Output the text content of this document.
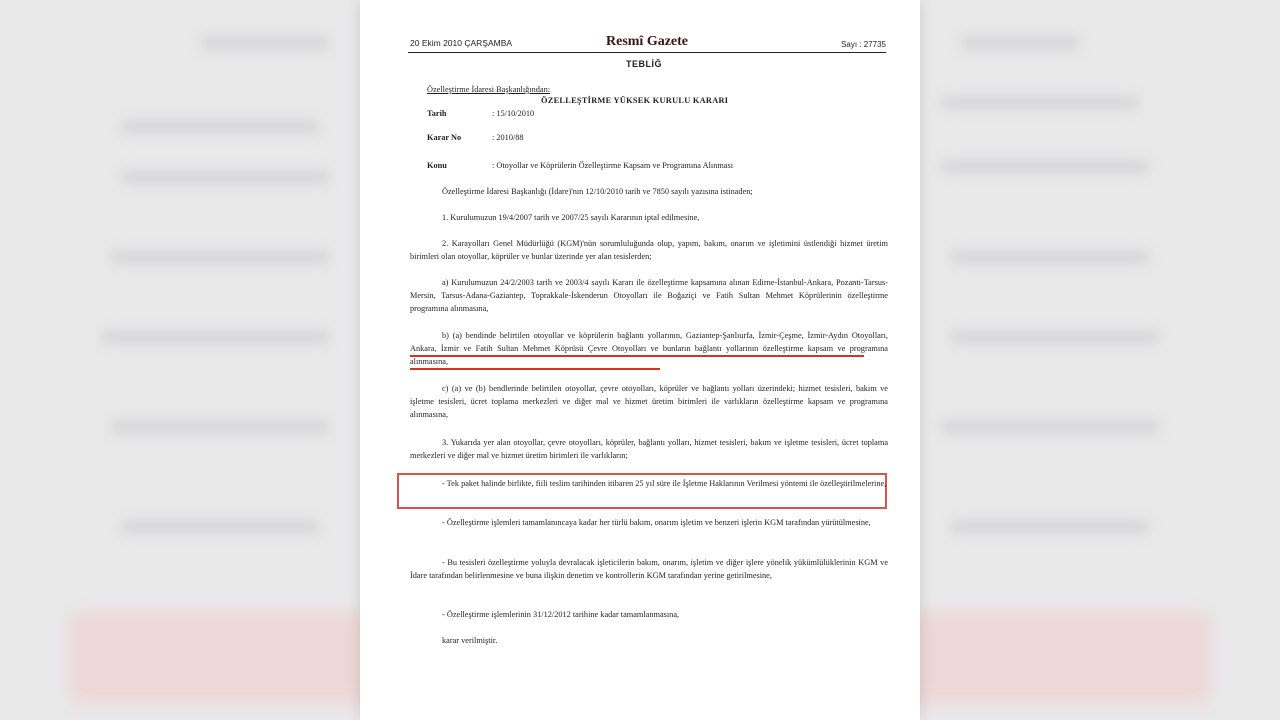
20 Ekim 2010 ÇARŞAMBA	Resmî Gazete	Sayı : 27735
TEBLİĞ
Özelleştirme İdaresi Başkanlığından:
ÖZELLEŞTİRME YÜKSEK KURULU KARARI
Tarih	: 15/10/2010
Karar No	: 2010/88
Konu	: Otoyollar ve Köprülerin Özelleştirme Kapsam ve Programına Alınması
Özelleştirme İdaresi Başkanlığı (İdare)'nın 12/10/2010 tarih ve 7850 sayılı yazısına istinaden;
1. Kurulumuzun 19/4/2007 tarih ve 2007/25 sayılı Kararının iptal edilmesine,
2. Karayolları Genel Müdürlüğü (KGM)'nün sorumluluğunda olup, yapım, bakım, onarım ve işletimini üstlendiği hizmet üretim birimleri olan otoyollar, köprüler ve bunlar üzerinde yer alan tesislerden;
a) Kurulumuzun 24/2/2003 tarih ve 2003/4 sayılı Kararı ile özelleştirme kapsamına alınan Edirne-İstanbul-Ankara, Pozantı-Tarsus-Mersin, Tarsus-Adana-Gaziantep, Toprakkale-İskenderun Otoyolları ile Boğaziçi ve Fatih Sultan Mehmet Köprülerinin özelleştirme programına alınmasına,
b) (a) bendinde belirtilen otoyollar ve köprülerin bağlantı yollarının, Gaziantep-Şanlıurfa, İzmir-Çeşme, İzmir-Aydın Otoyolları, Ankara, İzmir ve Fatih Sultan Mehmet Köprüsü Çevre Otoyolları ve bunların bağlantı yollarının özelleştirme kapsam ve programına alınmasına,
c) (a) ve (b) bendlerinde belirtilen otoyollar, çevre otoyolları, köprüler ve bağlantı yolları üzerindeki; hizmet tesisleri, bakım ve işletme tesisleri, ücret toplama merkezleri ve diğer mal ve hizmet üretim birimleri ile varlıkların özelleştirme kapsam ve programına alınmasına,
3. Yukarıda yer alan otoyollar, çevre otoyolları, köprüler, bağlantı yolları, hizmet tesisleri, bakım ve işletme tesisleri, ücret toplama merkezleri ve diğer mal ve hizmet üretim birimleri ile varlıkların;
- Tek paket halinde birlikte, fiili teslim tarihinden itibaren 25 yıl süre ile İşletme Haklarının Verilmesi yöntemi ile özelleştirilmelerine,
- Özelleştirme işlemleri tamamlanıncaya kadar her türlü bakım, onarım işletim ve benzeri işlerin KGM tarafından yürütülmesine,
- Bu tesisleri özelleştirme yoluyla devralacak işleticilerin bakım, onarım, işletim ve diğer işlere yönelik yükümlülüklerinin KGM ve İdare tarafından belirlenmesine ve buna ilişkin denetim ve kontrollerin KGM tarafından yerine getirilmesine,
- Özelleştirme işlemlerinin 31/12/2012 tarihine kadar tamamlanmasına,
karar verilmiştir.
